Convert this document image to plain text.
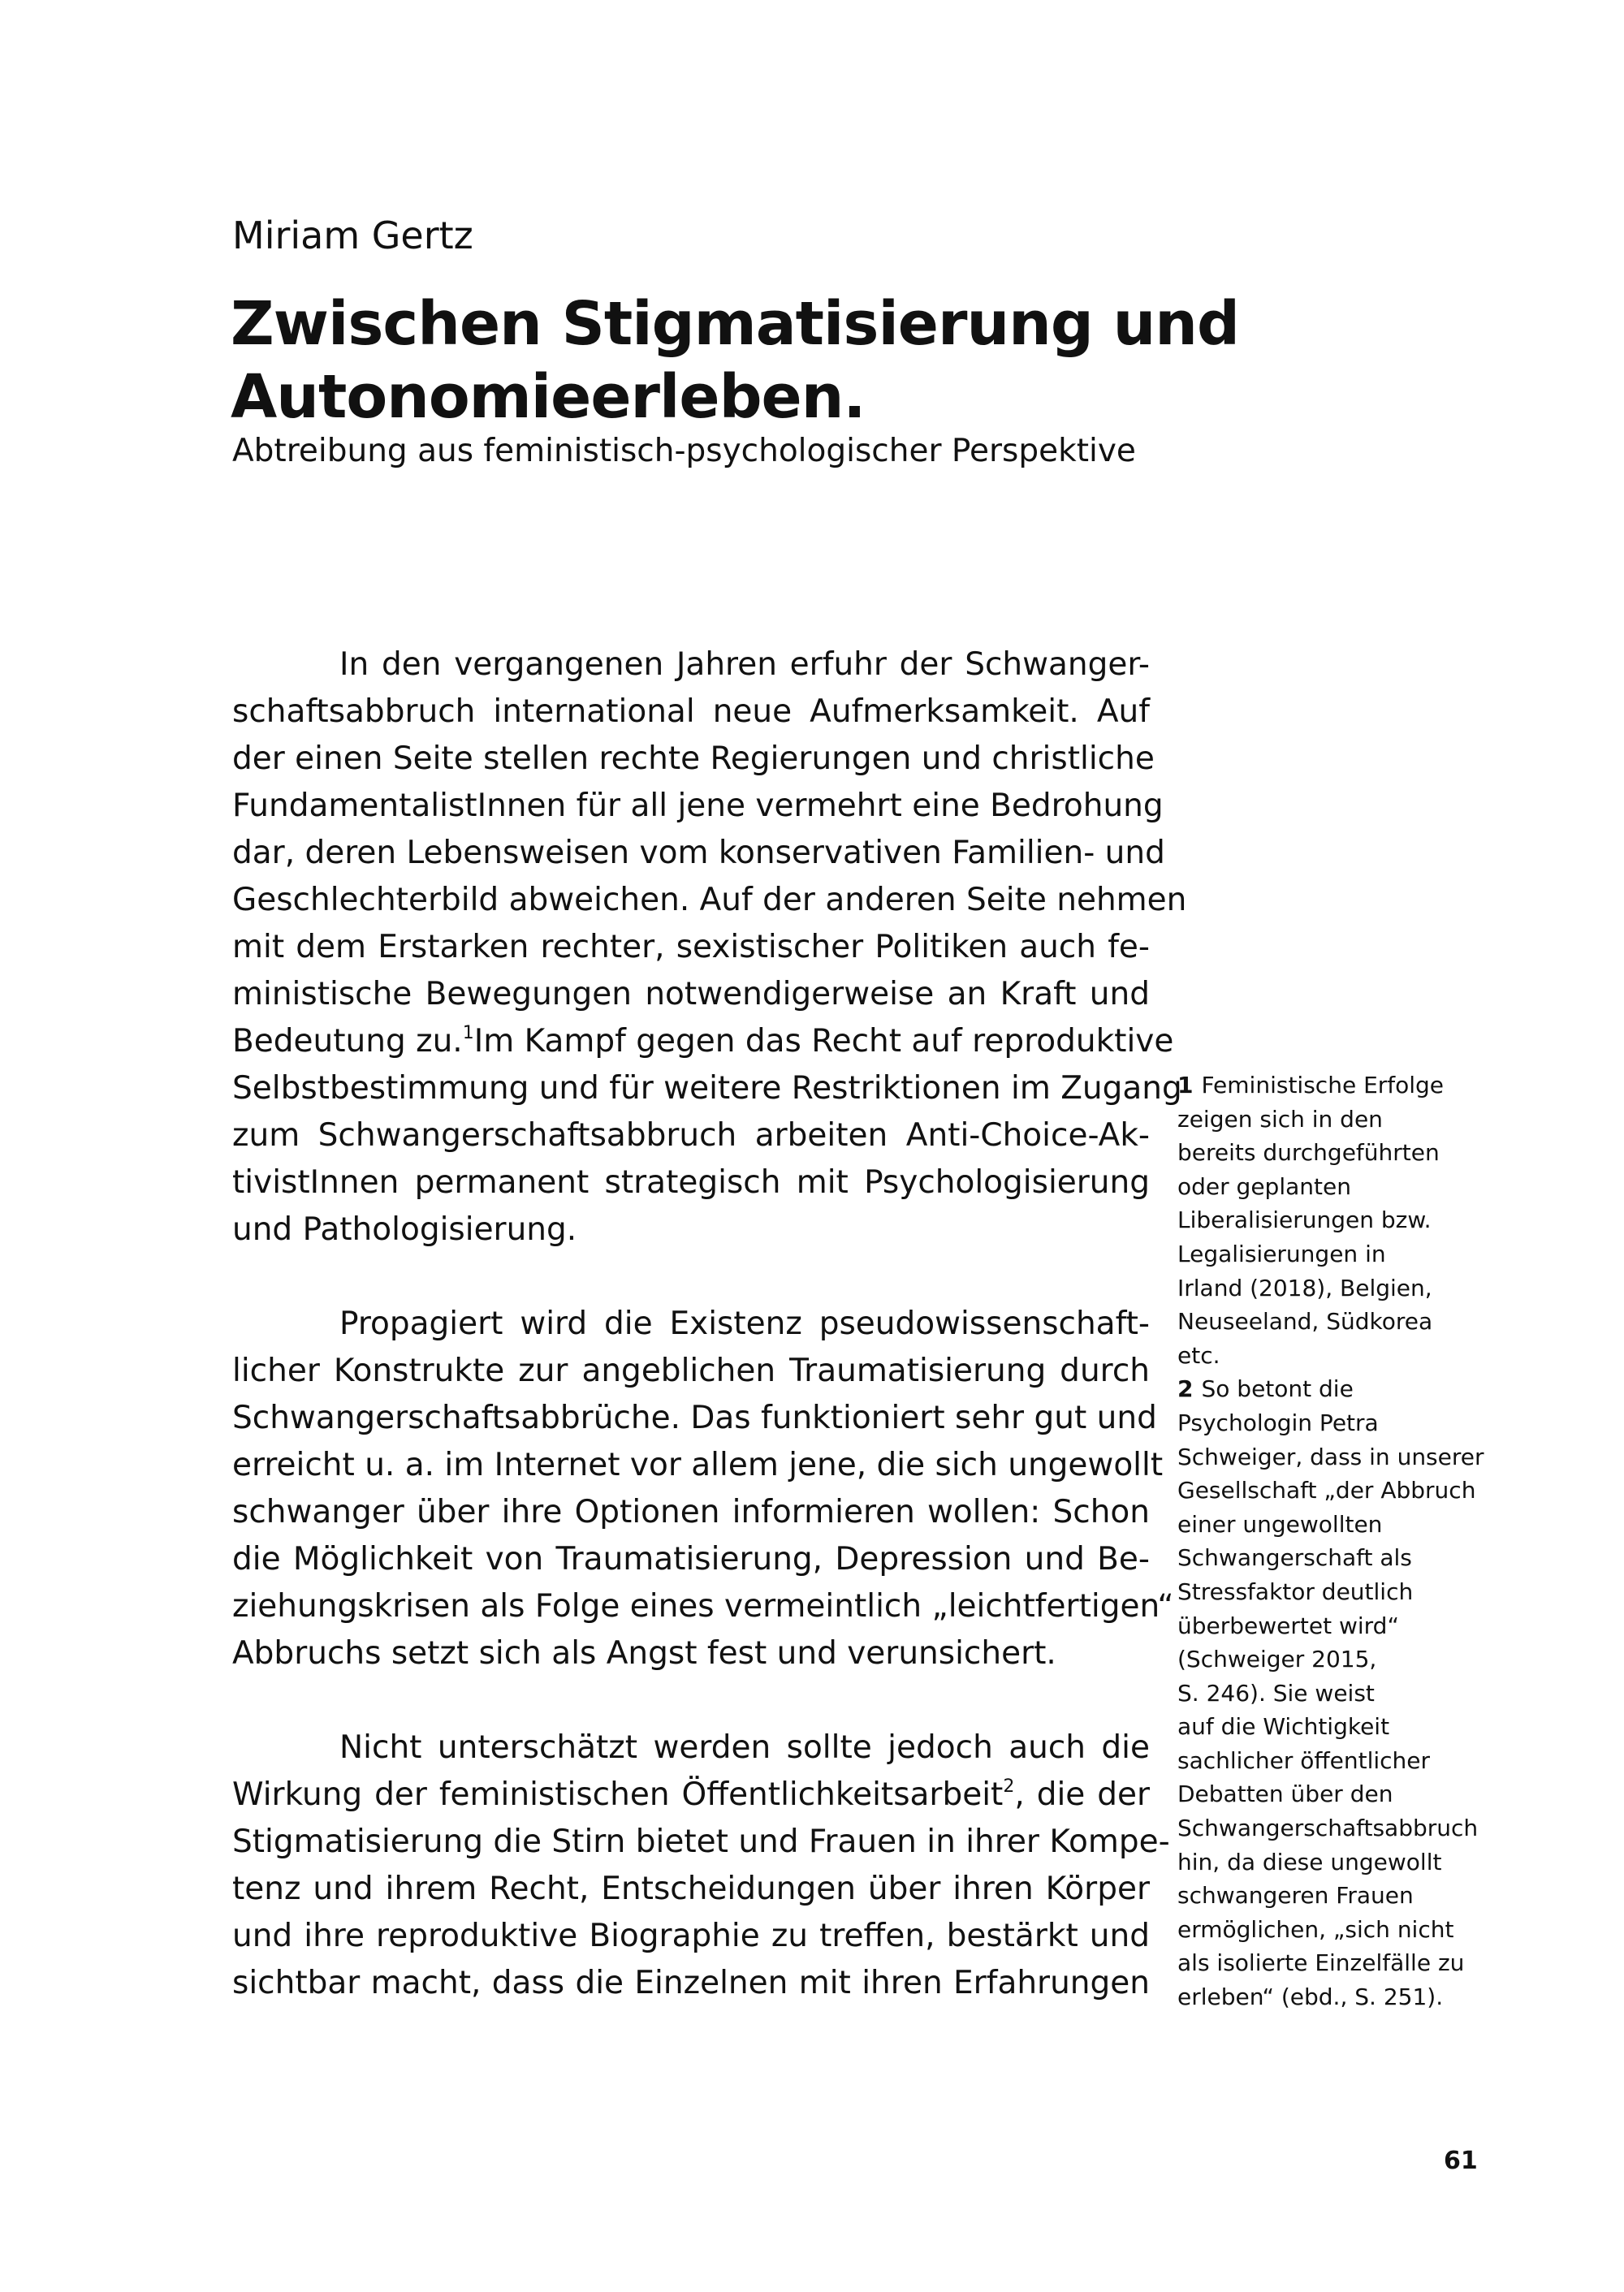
Miriam Gertz
Zwischen Stigmatisierung und
Autonomieerleben.
Abtreibung aus feministisch-psychologischer Perspektive
In den vergangenen Jahren erfuhr der Schwanger-
schaftsabbruch international neue Aufmerksamkeit. Auf
der einen Seite stellen rechte Regierungen und christliche
FundamentalistInnen für all jene vermehrt eine Bedrohung
dar, deren Lebensweisen vom konservativen Familien- und
Geschlechterbild abweichen. Auf der anderen Seite nehmen
mit dem Erstarken rechter, sexistischer Politiken auch fe-
ministische Bewegungen notwendigerweise an Kraft und
Bedeutung zu.$^1$Im Kampf gegen das Recht auf reproduktive
Selbstbestimmung und für weitere Restriktionen im Zugang
zum Schwangerschaftsabbruch arbeiten Anti-Choice-Ak-
tivistInnen permanent strategisch mit Psychologisierung
und Pathologisierung.
Propagiert wird die Existenz pseudowissenschaft-
licher Konstrukte zur angeblichen Traumatisierung durch
Schwangerschaftsabbrüche. Das funktioniert sehr gut und
erreicht u. a. im Internet vor allem jene, die sich ungewollt
schwanger über ihre Optionen informieren wollen: Schon
die Möglichkeit von Traumatisierung, Depression und Be-
ziehungskrisen als Folge eines vermeintlich „leichtfertigen“
Abbruchs setzt sich als Angst fest und verunsichert.
Nicht unterschätzt werden sollte jedoch auch die
Wirkung der feministischen Öffentlichkeitsarbeit$^2$, die der
Stigmatisierung die Stirn bietet und Frauen in ihrer Kompe-
tenz und ihrem Recht, Entscheidungen über ihren Körper
und ihre reproduktive Biographie zu treffen, bestärkt und
sichtbar macht, dass die Einzelnen mit ihren Erfahrungen
1 Feministische Erfolge
zeigen sich in den
bereits durchgeführten
oder geplanten
Liberalisierungen bzw.
Legalisierungen in
Irland (2018), Belgien,
Neuseeland, Südkorea
etc.
2 So betont die
Psychologin Petra
Schweiger, dass in unserer
Gesellschaft „der Abbruch
einer ungewollten
Schwangerschaft als
Stressfaktor deutlich
überbewertet wird“
(Schweiger 2015,
S. 246). Sie weist
auf die Wichtigkeit
sachlicher öffentlicher
Debatten über den
Schwangerschaftsabbruch
hin, da diese ungewollt
schwangeren Frauen
ermöglichen, „sich nicht
als isolierte Einzelfälle zu
erleben“ (ebd., S. 251).
61
